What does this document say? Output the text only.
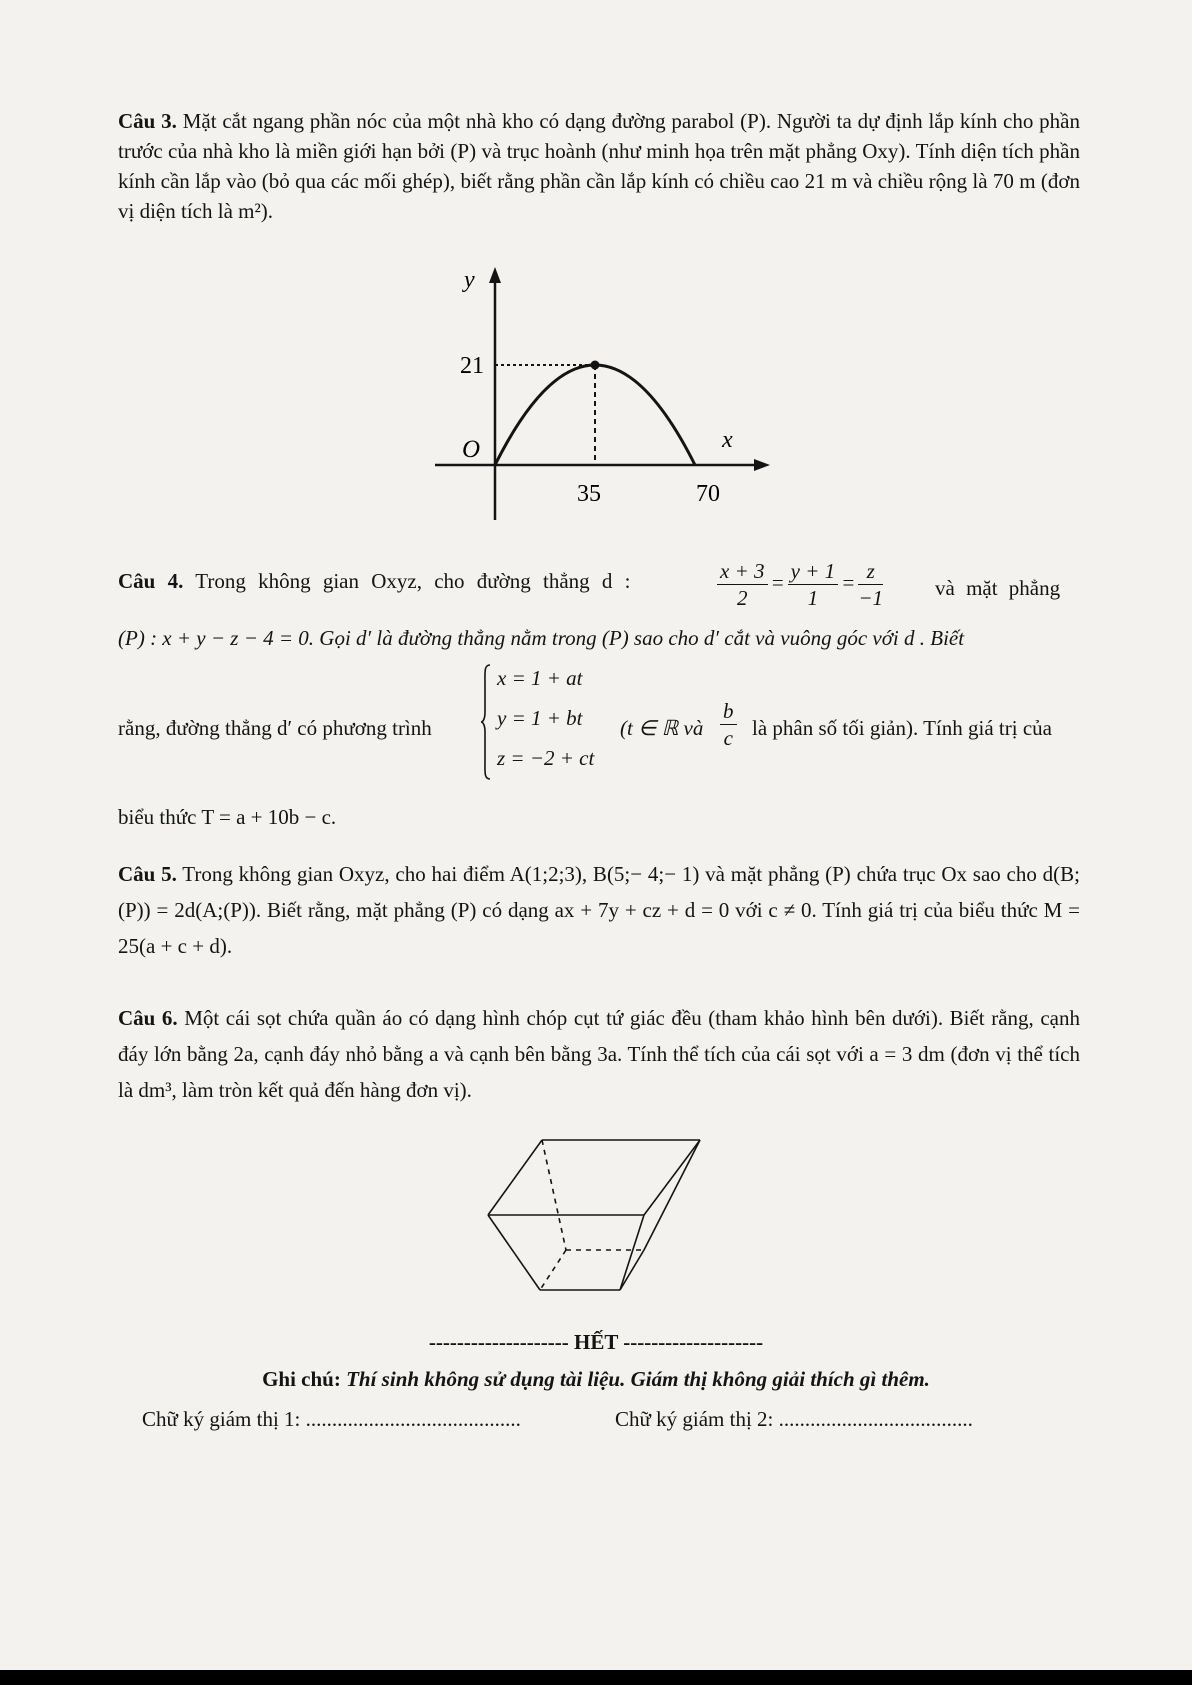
Câu 3. Mặt cắt ngang phần nóc của một nhà kho có dạng đường parabol (P). Người ta dự định lắp kính cho phần trước của nhà kho là miền giới hạn bởi (P) và trục hoành (như minh họa trên mặt phẳng Oxy). Tính diện tích phần kính cần lắp vào (bỏ qua các mối ghép), biết rằng phần cần lắp kính có chiều cao 21 m và chiều rộng là 70 m (đơn vị diện tích là m²).
y
x
O
21
35	70
Câu 4. Trong không gian Oxyz, cho đường thẳng d :	$\frac{x + 3}{2} = \frac{y + 1}{1} = \frac{z}{-1}$ và mặt phẳng
(P) : x + y − z − 4 = 0. Gọi d′ là đường thẳng nằm trong (P) sao cho d′ cắt và vuông góc với d . Biết
rằng, đường thẳng d′ có phương trình
x = 1 + at
y = 1 + bt
z = −2 + ct
(t ∈ ℝ và $\frac{b}{c}$ là phân số tối giản). Tính giá trị của
biểu thức T = a + 10b − c.
Câu 5. Trong không gian Oxyz, cho hai điểm A(1;2;3), B(5;− 4;− 1) và mặt phẳng (P) chứa trục Ox sao cho d(B;(P)) = 2d(A;(P)). Biết rằng, mặt phẳng (P) có dạng ax + 7y + cz + d = 0 với c ≠ 0. Tính giá trị của biểu thức M = 25(a + c + d).
Câu 6. Một cái sọt chứa quần áo có dạng hình chóp cụt tứ giác đều (tham khảo hình bên dưới). Biết rằng, cạnh đáy lớn bằng 2a, cạnh đáy nhỏ bằng a và cạnh bên bằng 3a. Tính thể tích của cái sọt với a = 3 dm (đơn vị thể tích là dm³, làm tròn kết quả đến hàng đơn vị).
-------------------- HẾT --------------------
Ghi chú: Thí sinh không sử dụng tài liệu. Giám thị không giải thích gì thêm.
Chữ ký giám thị 1: .........................................	Chữ ký giám thị 2: .....................................
